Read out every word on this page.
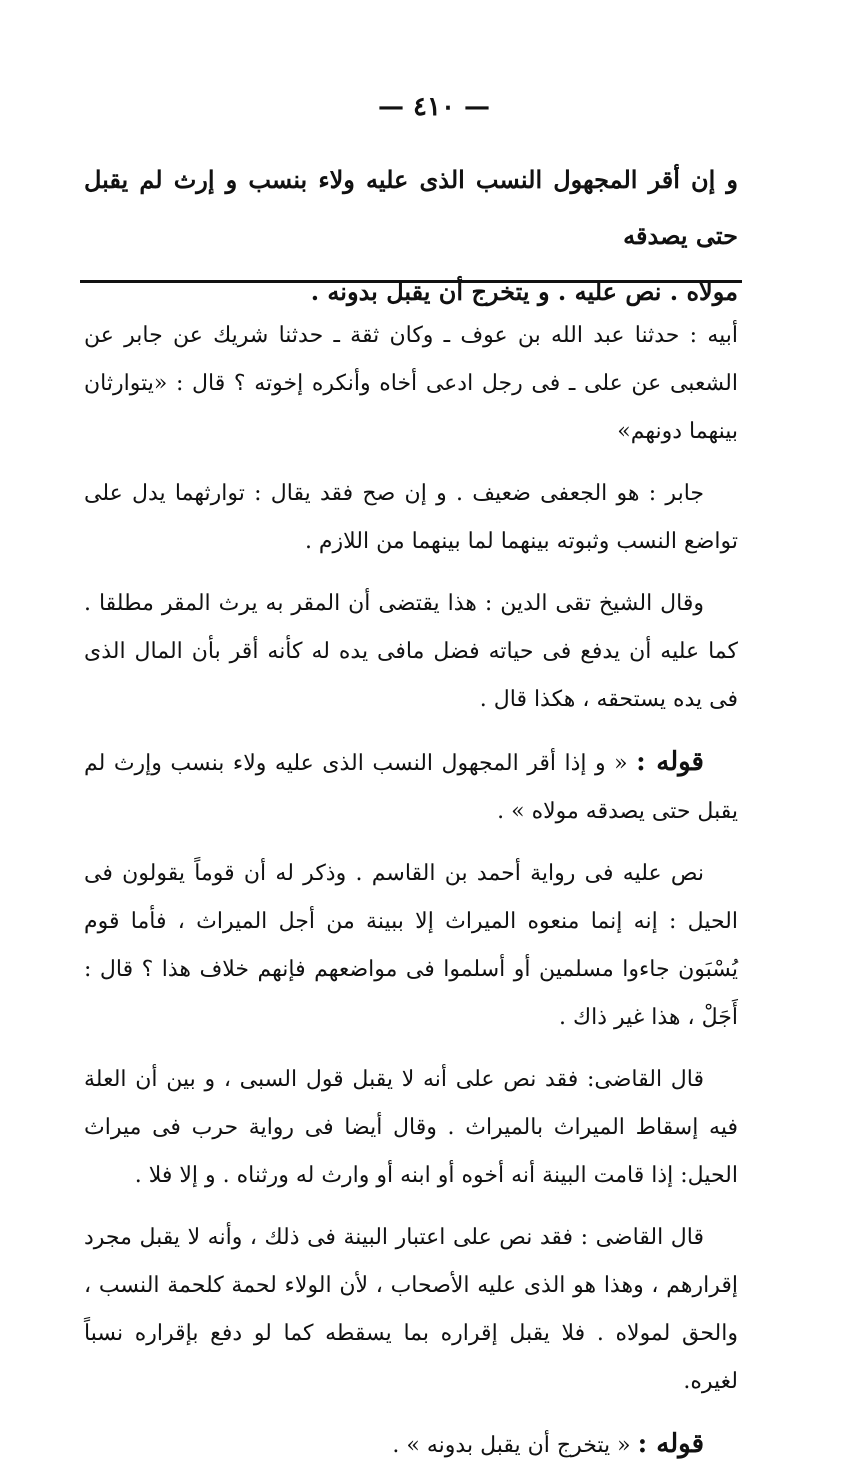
— ٤١٠ —

و إن أقر المجهول النسب الذى عليه ولاء بنسب و إرث لم يقبل حتى يصدقه

مولاه . نص عليه . و يتخرج أن يقبل بدونه .

أبيه : حدثنا عبد الله بن عوف ـ وكان ثقة ـ حدثنا شريك عن جابر عن الشعبى عن على ـ فى رجل ادعى أخاه وأنكره إخوته ؟ قال : «يتوارثان بينهما دونهم»

جابر : هو الجعفى ضعيف . و إن صح فقد يقال : توارثهما يدل على تواضع النسب وثبوته بينهما لما بينهما من اللازم .

وقال الشيخ تقى الدين : هذا يقتضى أن المقر به يرث المقر مطلقا . كما عليه أن يدفع فى حياته فضل مافى يده له كأنه أقر بأن المال الذى فى يده يستحقه ، هكذا قال .

قوله : « و إذا أقر المجهول النسب الذى عليه ولاء بنسب وإرث لم يقبل حتى يصدقه مولاه » .

نص عليه فى رواية أحمد بن القاسم . وذكر له أن قوماً يقولون فى الحيل : إنه إنما منعوه الميراث إلا ببينة من أجل الميراث ، فأما قوم يُسْبَون جاءوا مسلمين أو أسلموا فى مواضعهم فإنهم خلاف هذا ؟ قال : أَجَلْ ، هذا غير ذاك .

قال القاضى: فقد نص على أنه لا يقبل قول السبى ، و بين أن العلة فيه إسقاط الميراث بالميراث . وقال أيضا فى رواية حرب فى ميراث الحيل: إذا قامت البينة أنه أخوه أو ابنه أو وارث له ورثناه . و إلا فلا .

قال القاضى : فقد نص على اعتبار البينة فى ذلك ، وأنه لا يقبل مجرد إقرارهم ، وهذا هو الذى عليه الأصحاب ، لأن الولاء لحمة كلحمة النسب ، والحق لمولاه . فلا يقبل إقراره بما يسقطه كما لو دفع بإقراره نسباً لغيره.

قوله : « يتخرج أن يقبل بدونه » .
